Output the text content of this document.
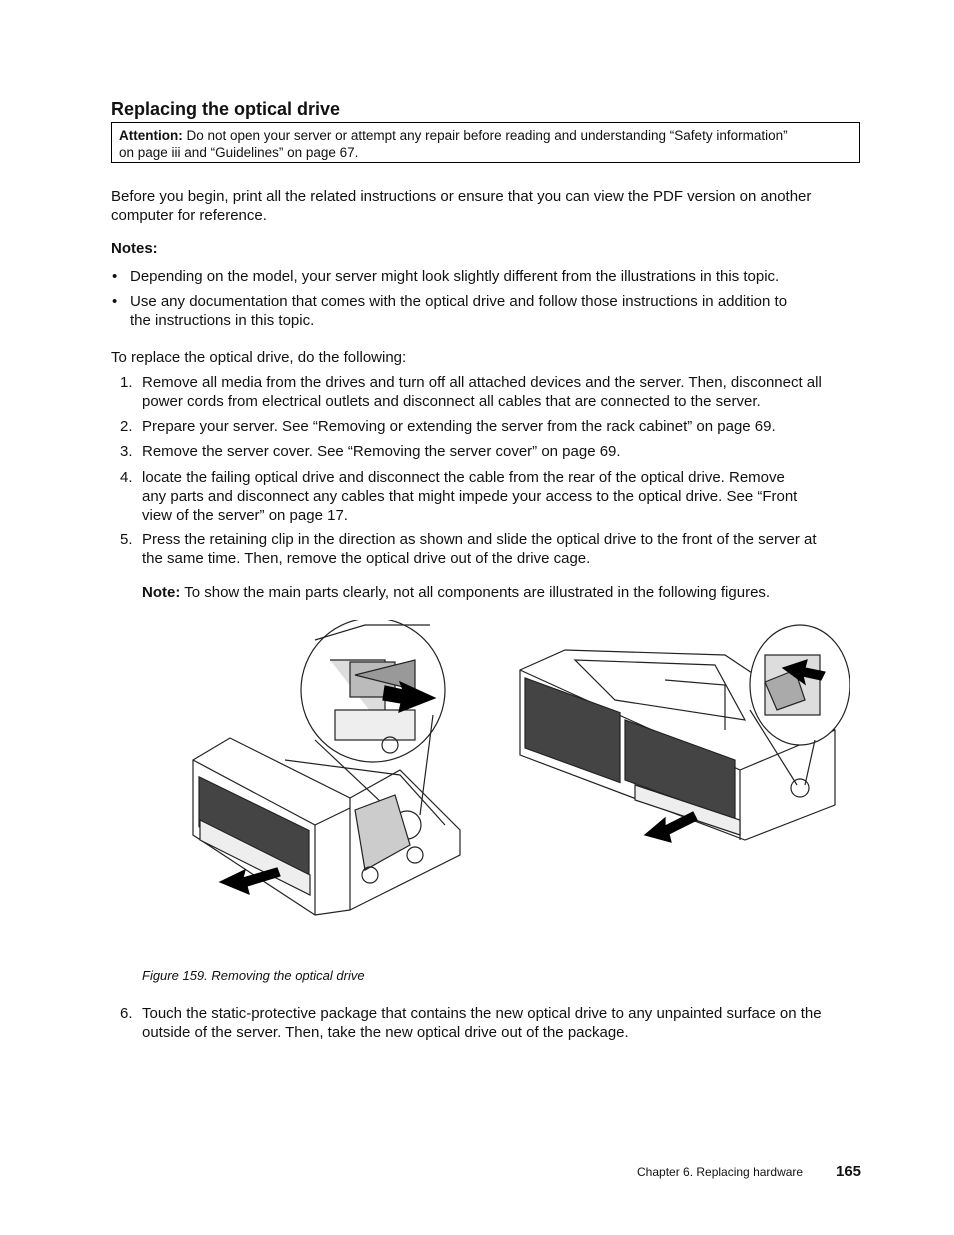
Replacing the optical drive
Attention: Do not open your server or attempt any repair before reading and understanding “Safety information”
on page iii and “Guidelines” on page 67.

Before you begin, print all the related instructions or ensure that you can view the PDF version on another

computer for reference.

Notes:

• Depending on the model, your server might look slightly different from the illustrations in this topic.
• Use any documentation that comes with the optical drive and follow those instructions in addition to
the instructions in this topic.

To replace the optical drive, do the following:

1. Remove all media from the drives and turn off all attached devices and the server. Then, disconnect all
power cords from electrical outlets and disconnect all cables that are connected to the server.
2. Prepare your server. See “Removing or extending the server from the rack cabinet” on page 69.
3. Remove the server cover. See “Removing the server cover” on page 69.
4. locate the failing optical drive and disconnect the cable from the rear of the optical drive. Remove
any parts and disconnect any cables that might impede your access to the optical drive. See “Front
view of the server” on page 17.
5. Press the retaining clip in the direction as shown and slide the optical drive to the front of the server at
the same time. Then, remove the optical drive out of the drive cage.

Note: To show the main parts clearly, not all components are illustrated in the following figures.

Figure 159. Removing the optical drive
6. Touch the static-protective package that contains the new optical drive to any unpainted surface on the
outside of the server. Then, take the new optical drive out of the package.
Chapter 6. Replacing hardware 165
